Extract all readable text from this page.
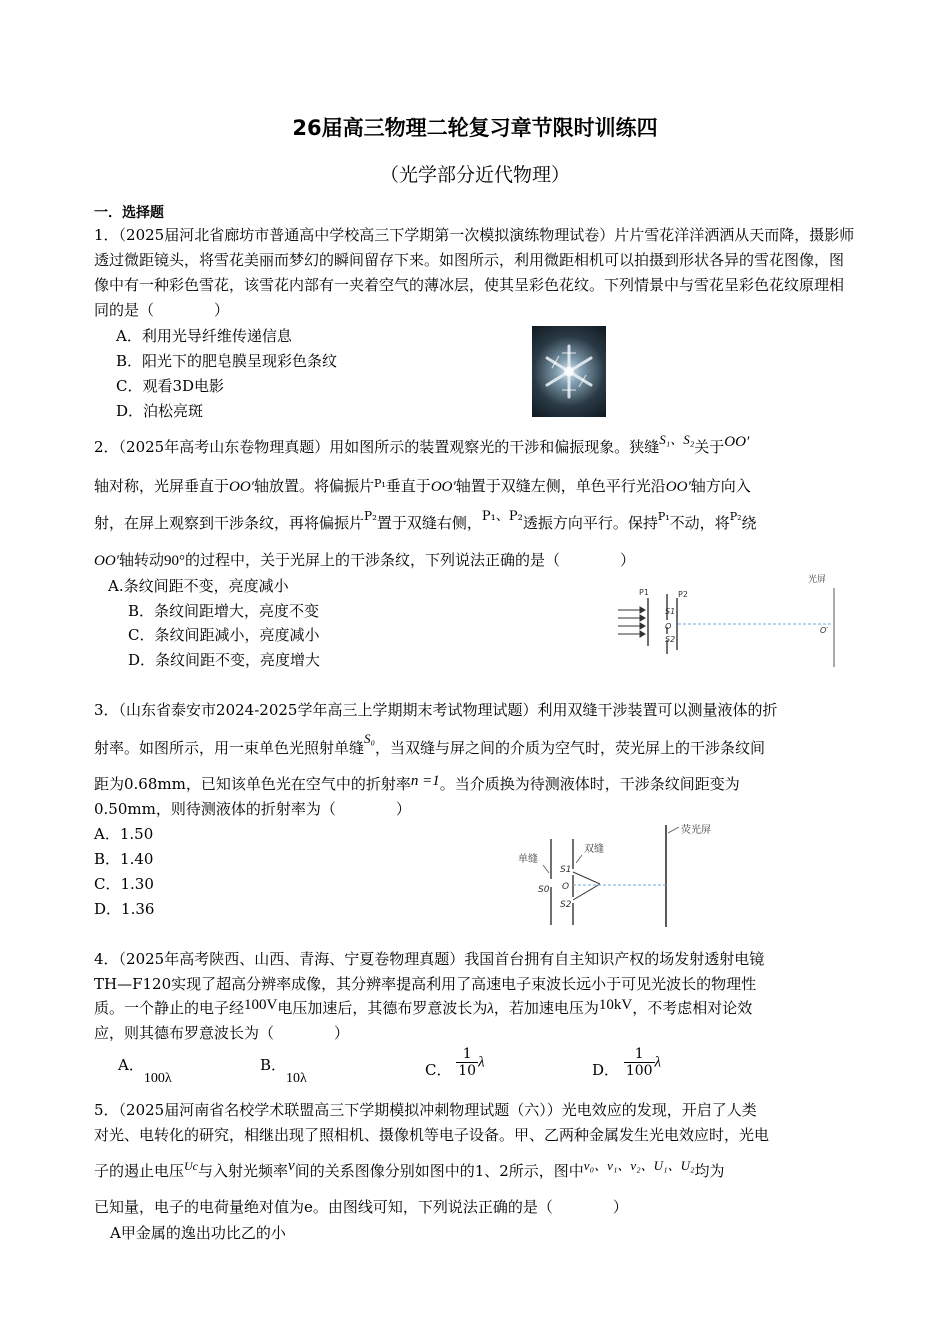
26届高三物理二轮复习章节限时训练四
（光学部分近代物理）
一．选择题
1．（2025届河北省廊坊市普通高中学校高三下学期第一次模拟演练物理试卷）片片雪花洋洋洒洒从天而降，摄影师透过微距镜头，将雪花美丽而梦幻的瞬间留存下来。如图所示，利用微距相机可以拍摄到形状各异的雪花图像，图像中有一种彩色雪花，该雪花内部有一夹着空气的薄冰层，使其呈彩色花纹。下列情景中与雪花呈彩色花纹原理相同的是（　　　　）
A．利用光导纤维传递信息
B．阳光下的肥皂膜呈现彩色条纹
C．观看3D电影
D．泊松亮斑
2．（2025年高考山东卷物理真题）用如图所示的装置观察光的干涉和偏振现象。狭缝S₁、S₂关于OO′
轴对称，光屏垂直于OO′轴放置。将偏振片$^{P_1}$垂直于OO′轴置于双缝左侧，单色平行光沿OO′轴方向入
射，在屏上观察到干涉条纹，再将偏振片$^{P_2}$置于双缝右侧，P₁、P₂透振方向平行。保持$^{P_1}$不动，将$^{P_2}$绕
OO′轴转动90°的过程中，关于光屏上的干涉条纹，下列说法正确的是（　　　　）
A.条纹间距不变，亮度减小
B．条纹间距增大，亮度不变
C．条纹间距减小，亮度减小
D．条纹间距不变，亮度增大
光屏
P1	P2
S1
O
S2
O′
3．（山东省泰安市2024-2025学年高三上学期期末考试物理试题）利用双缝干涉装置可以测量液体的折
射率。如图所示，用一束单色光照射单缝S₀，当双缝与屏之间的介质为空气时，荧光屏上的干涉条纹间
距为0.68mm，已知该单色光在空气中的折射率n =1。当介质换为待测液体时，干涉条纹间距变为
0.50mm，则待测液体的折射率为（　　　　）
A．1.50
B．1.40
C．1.30
D．1.36
荧光屏
双缝
单缝
S1
O
S0
S2
4．（2025年高考陕西、山西、青海、宁夏卷物理真题）我国首台拥有自主知识产权的场发射透射电镜
TH—F120实现了超高分辨率成像，其分辨率提高利用了高速电子束波长远小于可见光波长的物理性
质。一个静止的电子经100V电压加速后，其德布罗意波长为λ，若加速电压为10kV，不考虑相对论效
应，则其德布罗意波长为（　　　　）
A．100λ
B．10λ	C． $\frac{1}{10}$ λ	D． $\frac{1}{100}$ λ
5．（2025届河南省名校学术联盟高三下学期模拟冲刺物理试题（六））光电效应的发现，开启了人类
对光、电转化的研究，相继出现了照相机、摄像机等电子设备。甲、乙两种金属发生光电效应时，光电
子的遏止电压$^{Uc}$与入射光频率ν间的关系图像分别如图中的1、2所示，图中ν₀、ν₁、ν₂、U₁、U₂均为
已知量，电子的电荷量绝对值为e。由图线可知，下列说法正确的是（　　　　）
A甲金属的逸出功比乙的小
